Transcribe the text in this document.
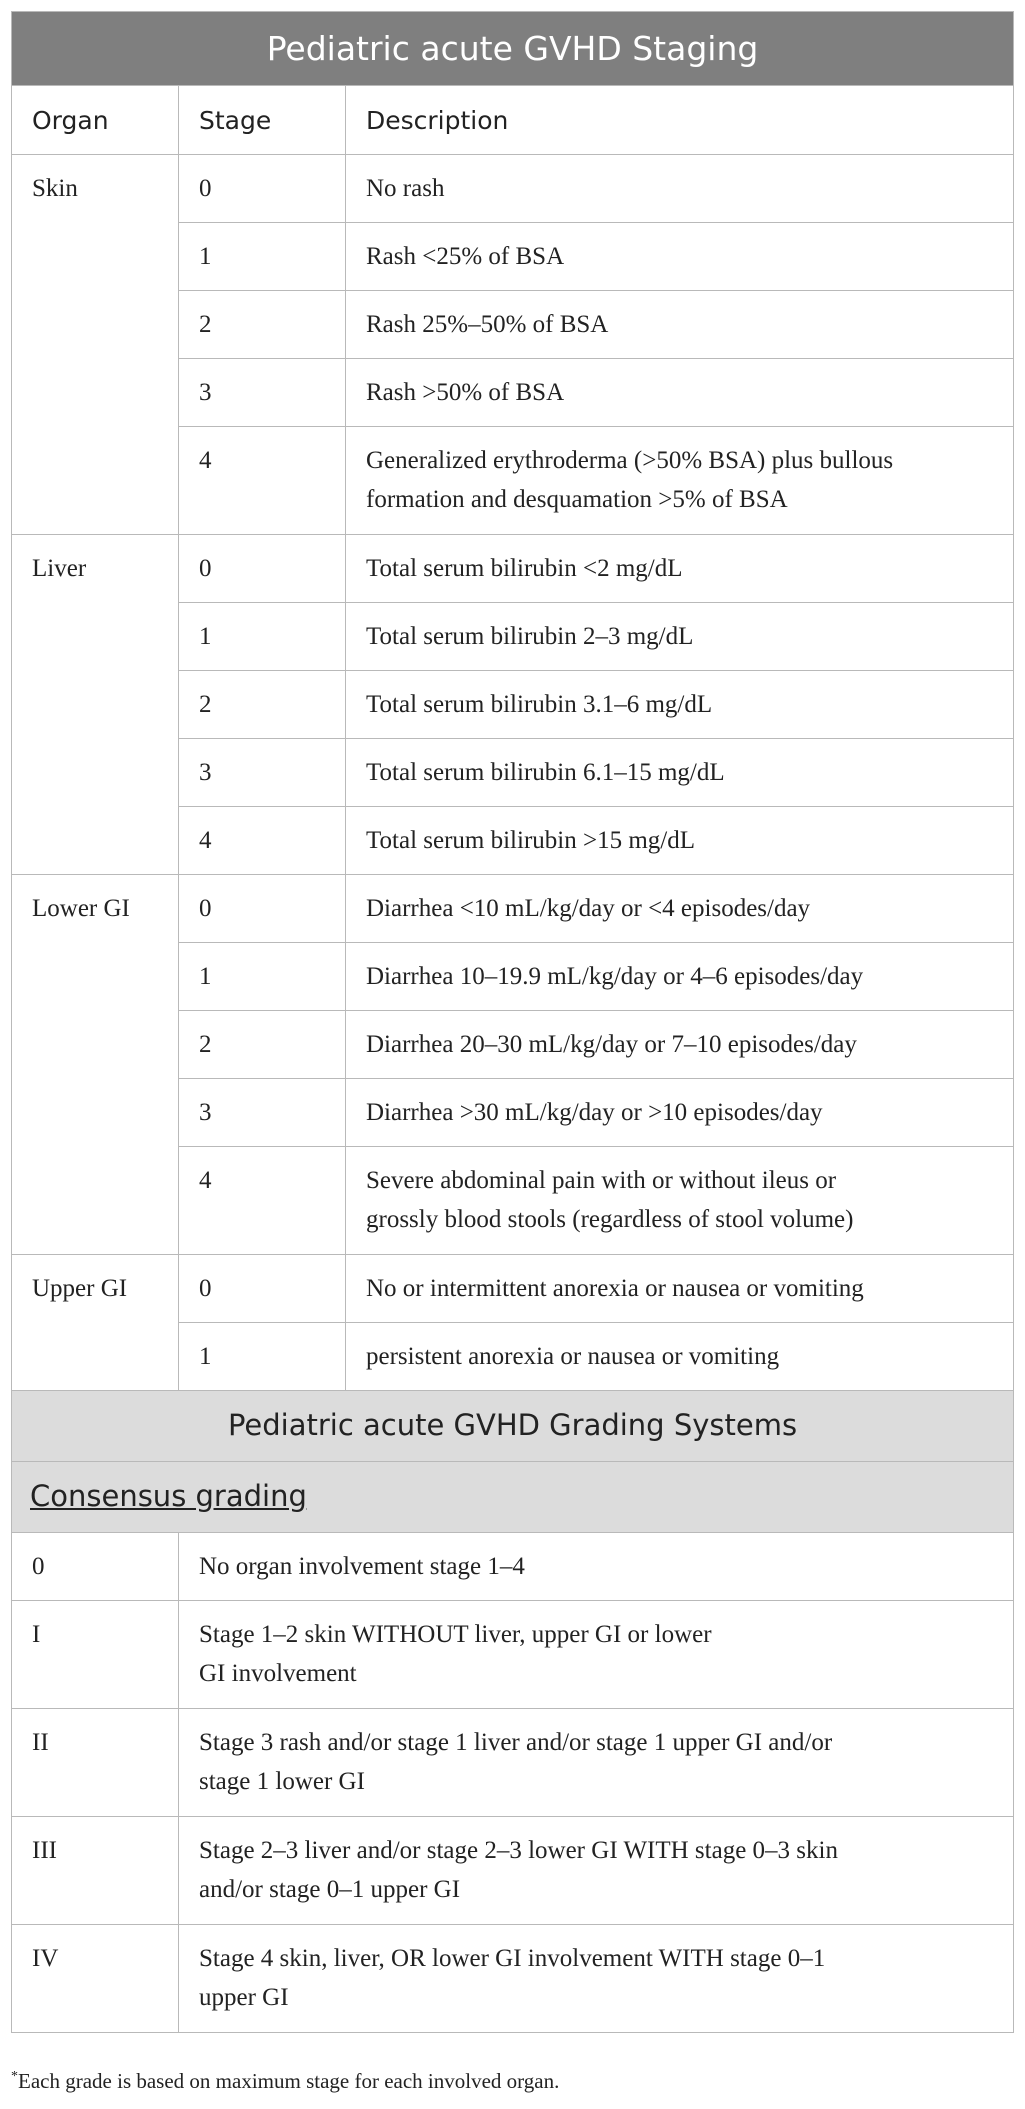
Pediatric acute GVHD Staging		
Organ	Stage	Description
Skin	0	No rash

	1	Rash <25% of BSA

	2	Rash 25%–50% of BSA

	3	Rash >50% of BSA

	4	Generalized erythroderma (>50% BSA) plus bullous
formation and desquamation >5% of BSA

Liver	0	Total serum bilirubin <2 mg/dL

	1	Total serum bilirubin 2–3 mg/dL

	2	Total serum bilirubin 3.1–6 mg/dL

	3	Total serum bilirubin 6.1–15 mg/dL

	4	Total serum bilirubin >15 mg/dL

Lower GI	0	Diarrhea <10 mL/kg/day or <4 episodes/day

	1	Diarrhea 10–19.9 mL/kg/day or 4–6 episodes/day

	2	Diarrhea 20–30 mL/kg/day or 7–10 episodes/day

	3	Diarrhea >30 mL/kg/day or >10 episodes/day

	4	Severe abdominal pain with or without ileus or
grossly blood stools (regardless of stool volume)

Upper GI	0	No or intermittent anorexia or nausea or vomiting

	1	persistent anorexia or nausea or vomiting
Pediatric acute GVHD Grading Systems	
Consensus grading	
0	No organ involvement stage 1–4

I	Stage 1–2 skin WITHOUT liver, upper GI or lower
GI involvement

II	Stage 3 rash and/or stage 1 liver and/or stage 1 upper GI and/or
stage 1 lower GI

III	Stage 2–3 liver and/or stage 2–3 lower GI WITH stage 0–3 skin
and/or stage 0–1 upper GI

IV	Stage 4 skin, liver, OR lower GI involvement WITH stage 0–1
upper GI
*Each grade is based on maximum stage for each involved organ.
